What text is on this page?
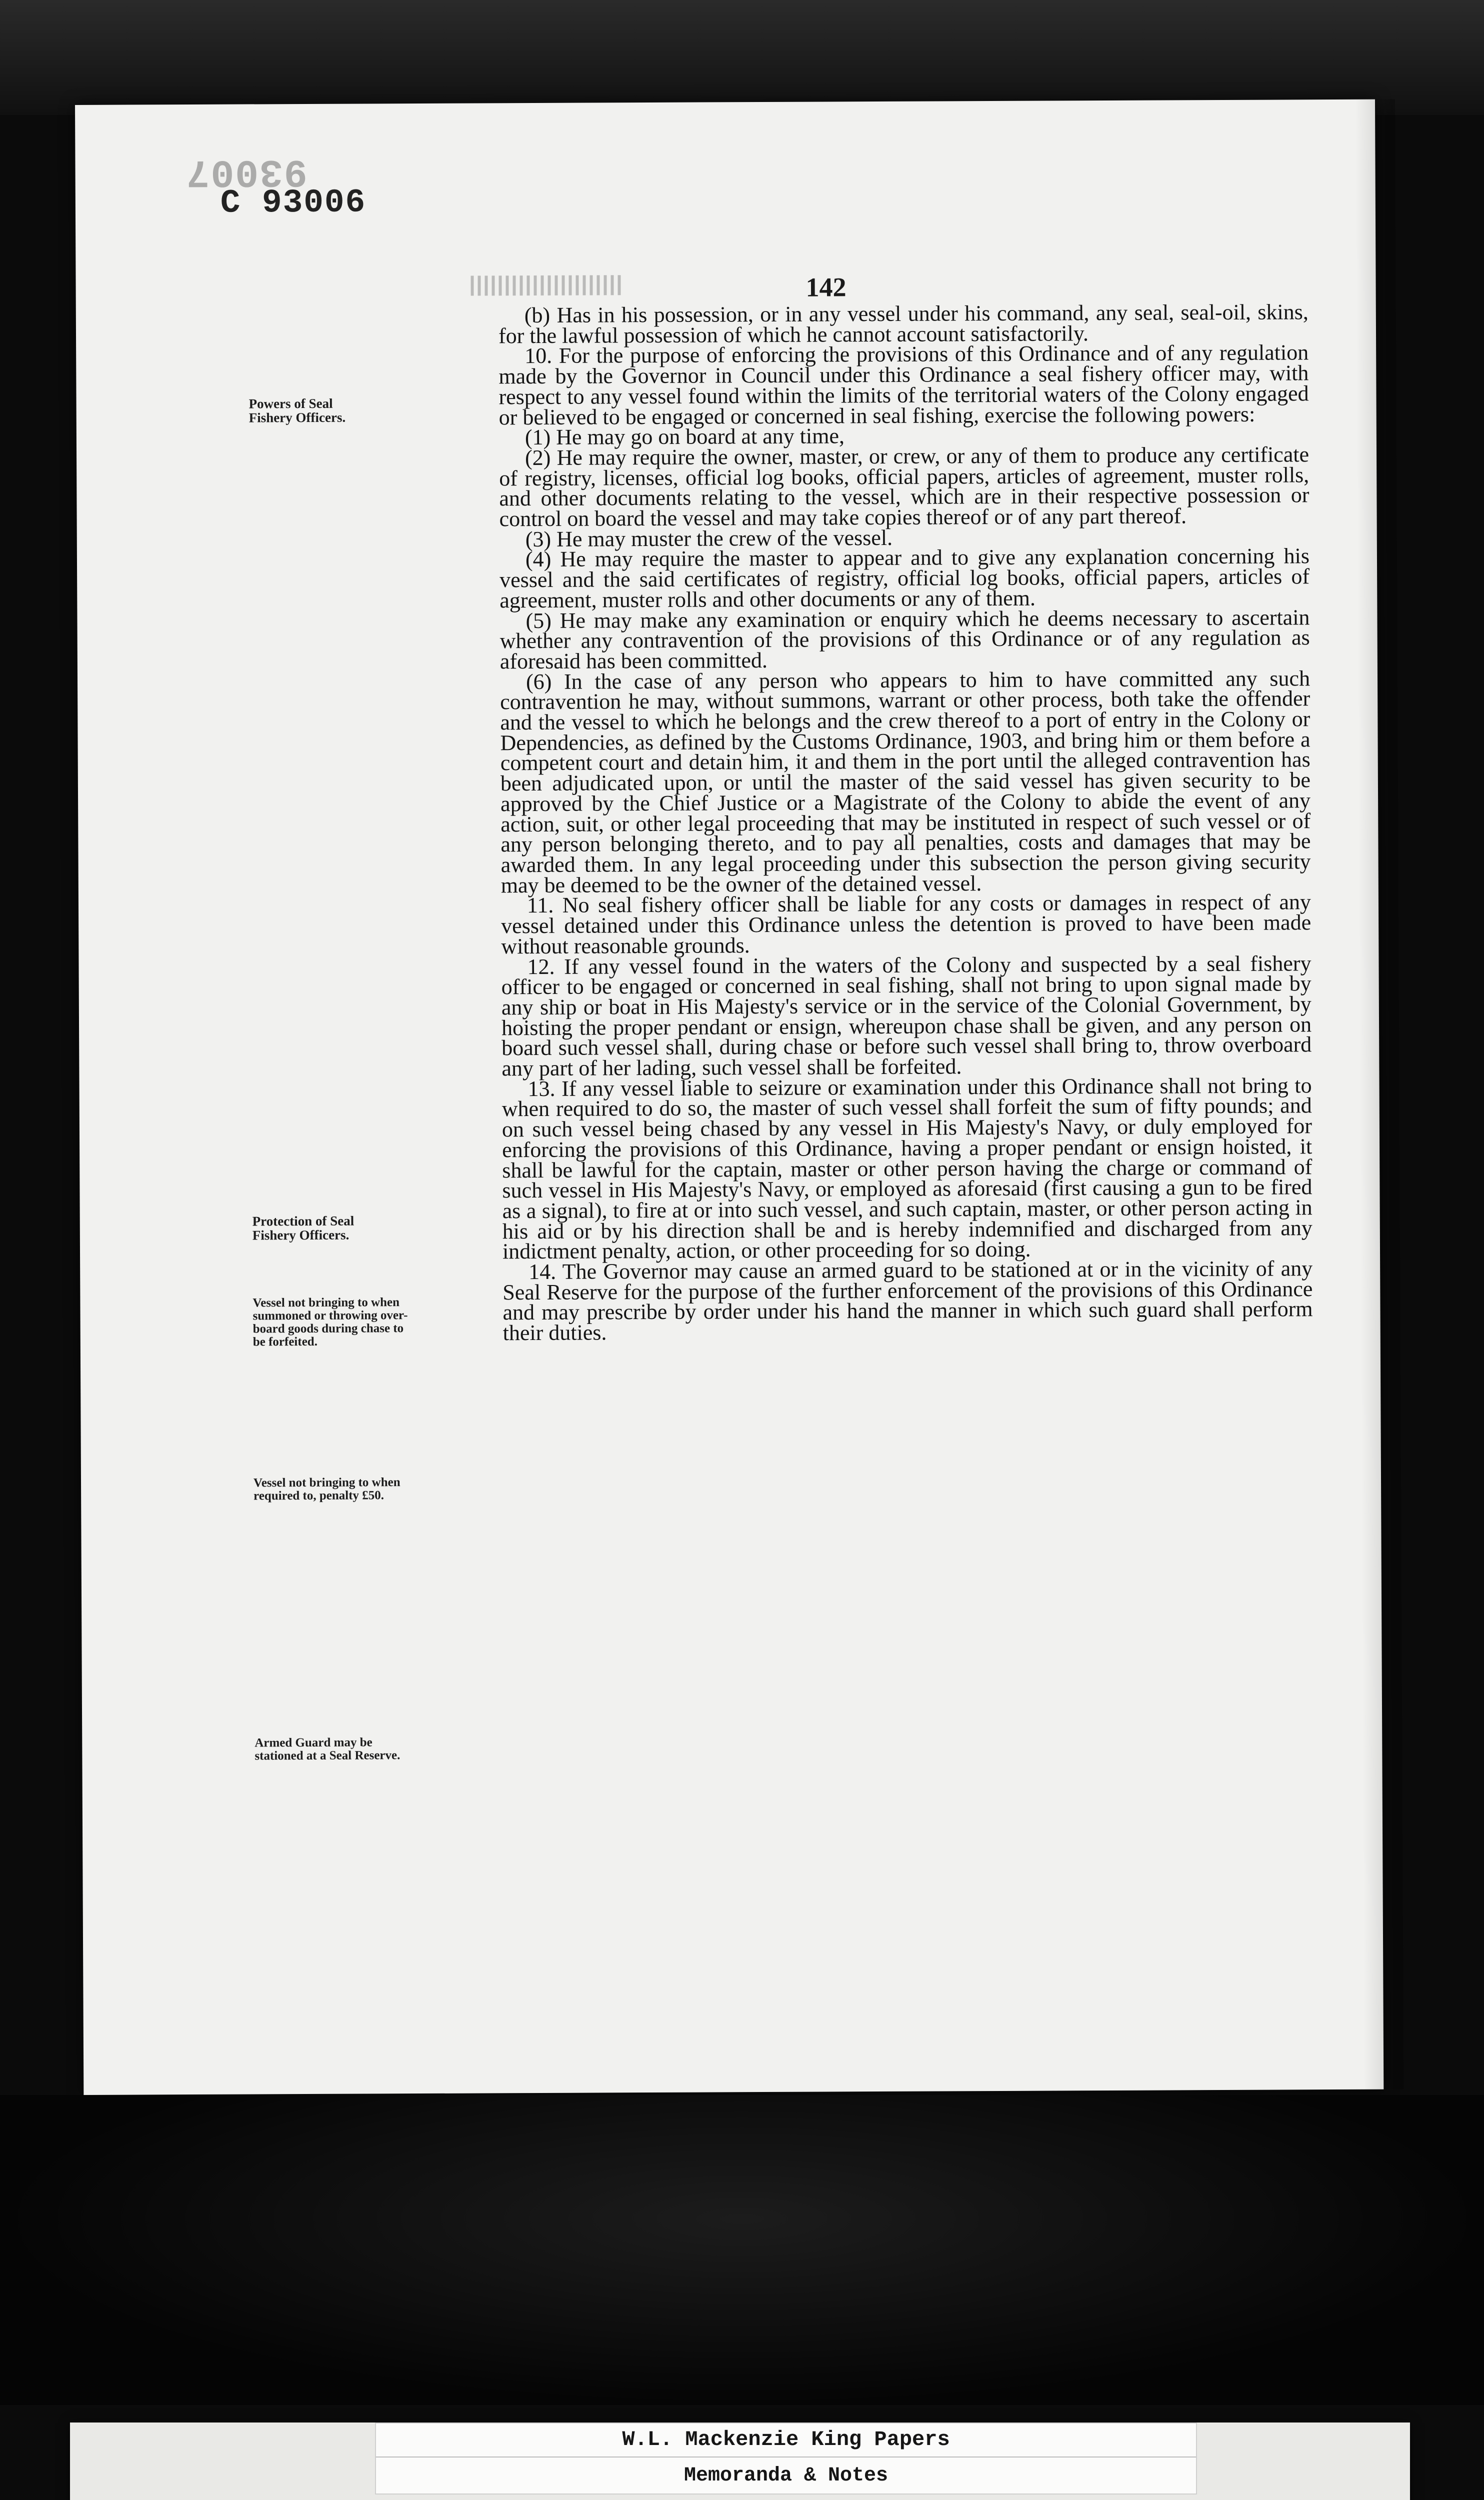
93007
C 93006
142
Powers of Seal
Fishery Officers.
Protection of Seal
Fishery Officers.
Vessel not bringing to when
summoned or throwing over-
board goods during chase to
be forfeited.
Vessel not bringing to when
required to, penalty £50.
Armed Guard may be
stationed at a Seal Reserve.

(b) Has in his possession, or in any vessel under his command, any seal, seal-oil, skins, for the lawful possession of which he cannot account satisfactorily.

10. For the purpose of enforcing the provisions of this Ordinance and of any regulation made by the Governor in Council under this Ordinance a seal fishery officer may, with respect to any vessel found within the limits of the territorial waters of the Colony engaged or believed to be engaged or concerned in seal fishing, exercise the following powers:

(1) He may go on board at any time,

(2) He may require the owner, master, or crew, or any of them to produce any certificate of registry, licenses, official log books, official papers, articles of agreement, muster rolls, and other documents relating to the vessel, which are in their respective possession or control on board the vessel and may take copies thereof or of any part thereof.

(3) He may muster the crew of the vessel.

(4) He may require the master to appear and to give any explanation concerning his vessel and the said certificates of registry, official log books, official papers, articles of agreement, muster rolls and other documents or any of them.

(5) He may make any examination or enquiry which he deems necessary to ascertain whether any contravention of the provisions of this Ordinance or of any regulation as aforesaid has been committed.

(6) In the case of any person who appears to him to have committed any such contravention he may, without summons, warrant or other process, both take the offender and the vessel to which he belongs and the crew thereof to a port of entry in the Colony or Dependencies, as defined by the Customs Ordinance, 1903, and bring him or them before a competent court and detain him, it and them in the port until the alleged contravention has been adjudicated upon, or until the master of the said vessel has given security to be approved by the Chief Justice or a Magistrate of the Colony to abide the event of any action, suit, or other legal proceeding that may be instituted in respect of such vessel or of any person belonging thereto, and to pay all penalties, costs and damages that may be awarded them. In any legal proceeding under this subsection the person giving security may be deemed to be the owner of the detained vessel.

11. No seal fishery officer shall be liable for any costs or damages in respect of any vessel detained under this Ordinance unless the detention is proved to have been made without reasonable grounds.

12. If any vessel found in the waters of the Colony and suspected by a seal fishery officer to be engaged or concerned in seal fishing, shall not bring to upon signal made by any ship or boat in His Majesty's service or in the service of the Colonial Government, by hoisting the proper pendant or ensign, whereupon chase shall be given, and any person on board such vessel shall, during chase or before such vessel shall bring to, throw overboard any part of her lading, such vessel shall be forfeited.

13. If any vessel liable to seizure or examination under this Ordinance shall not bring to when required to do so, the master of such vessel shall forfeit the sum of fifty pounds; and on such vessel being chased by any vessel in His Majesty's Navy, or duly employed for enforcing the provisions of this Ordinance, having a proper pendant or ensign hoisted, it shall be lawful for the captain, master or other person having the charge or command of such vessel in His Majesty's Navy, or employed as aforesaid (first causing a gun to be fired as a signal), to fire at or into such vessel, and such captain, master, or other person acting in his aid or by his direction shall be and is hereby indemnified and discharged from any indictment penalty, action, or other proceeding for so doing.

14. The Governor may cause an armed guard to be stationed at or in the vicinity of any Seal Reserve for the purpose of the further enforcement of the provisions of this Ordinance and may prescribe by order under his hand the manner in which such guard shall perform their duties.

W.L. Mackenzie King Papers
Memoranda & Notes
